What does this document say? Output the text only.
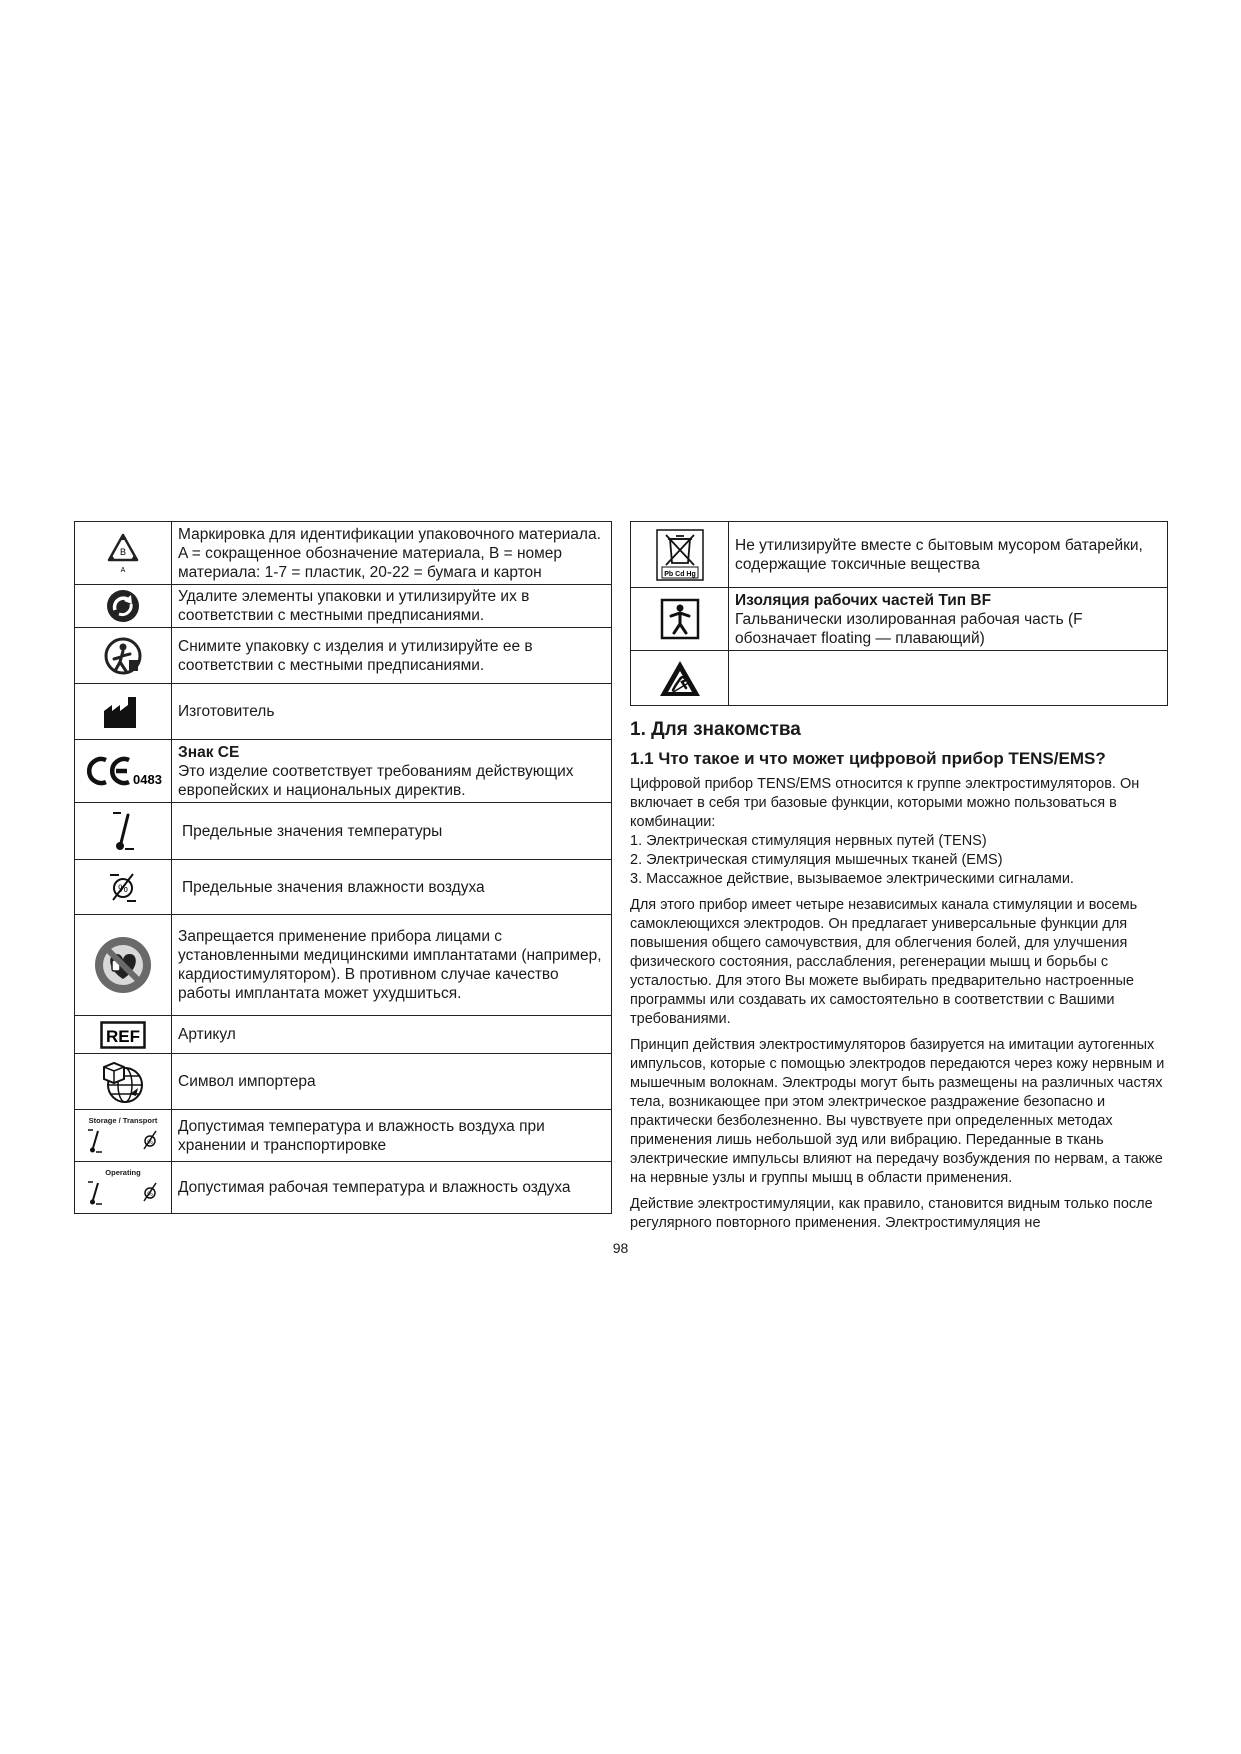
B
A	Маркировка для идентификации упаковочного материала. A = сокращенное обозначение материала, B = номер материала: 1-7 = пластик, 20-22 = бумага и картон

	Удалите элементы упаковки и утилизируйте их в соответствии с местными предписаниями.

	Снимите упаковку с изделия и утилизируйте ее в соответствии с местными предписаниями.

	Изготовитель

0483	Знак CE
Это изделие соответствует требованиям действующих европейских и национальных директив.

	Предельные значения температуры

%	Предельные значения влажности воздуха

	Запрещается применение прибора лицами с установленными медицинскими имплантатами (например, кардиостимулятором). В противном случае качество работы имплантата может ухудшиться.

REF	Артикул

	Символ импортера

Storage / Transport
%	Допустимая температура и влажность воздуха при хранении и транспортировке

Operating
%	Допустимая рабочая температура и влажность оздуха
Pb Cd Hg	Не утилизируйте вместе с бытовым мусором батарейки, содержащие токсичные вещества

	Изоляция рабочих частей Тип BF
Гальванически изолированная рабочая часть (F обозначает floating — плавающий)

1. Для знакомства
1.1 Что такое и что может цифровой прибор TENS/EMS?

Цифровой прибор TENS/EMS относится к группе электростимуляторов. Он включает в себя три базовые функции, которыми можно пользоваться в комбинации:

1. Электрическая стимуляция нервных путей (TENS)

2. Электрическая стимуляция мышечных тканей (EMS)

3. Массажное действие, вызываемое электрическими сигналами.

Для этого прибор имеет четыре независимых канала стимуляции и восемь самоклеющихся электродов. Он предлагает универсальные функции для повышения общего самочувствия, для облегчения болей, для улучшения физического состояния, расслабления, регенерации мышц и борьбы с усталостью. Для этого Вы можете выбирать предварительно настроенные программы или создавать их самостоятельно в соответствии с Вашими требованиями.

Принцип действия электростимуляторов базируется на имитации аутогенных импульсов, которые с помощью электродов передаются через кожу нервным и мышечным волокнам. Электроды могут быть размещены на различных частях тела, возникающее при этом электрическое раздражение безопасно и практически безболезненно. Вы чувствуете при определенных методах применения лишь небольшой зуд или вибрацию. Переданные в ткань электрические импульсы влияют на передачу возбуждения по нервам, а также на нервные узлы и группы мышц в области применения.

Действие электростимуляции, как правило, становится видным только после регулярного повторного применения. Электростимуляция не

98
